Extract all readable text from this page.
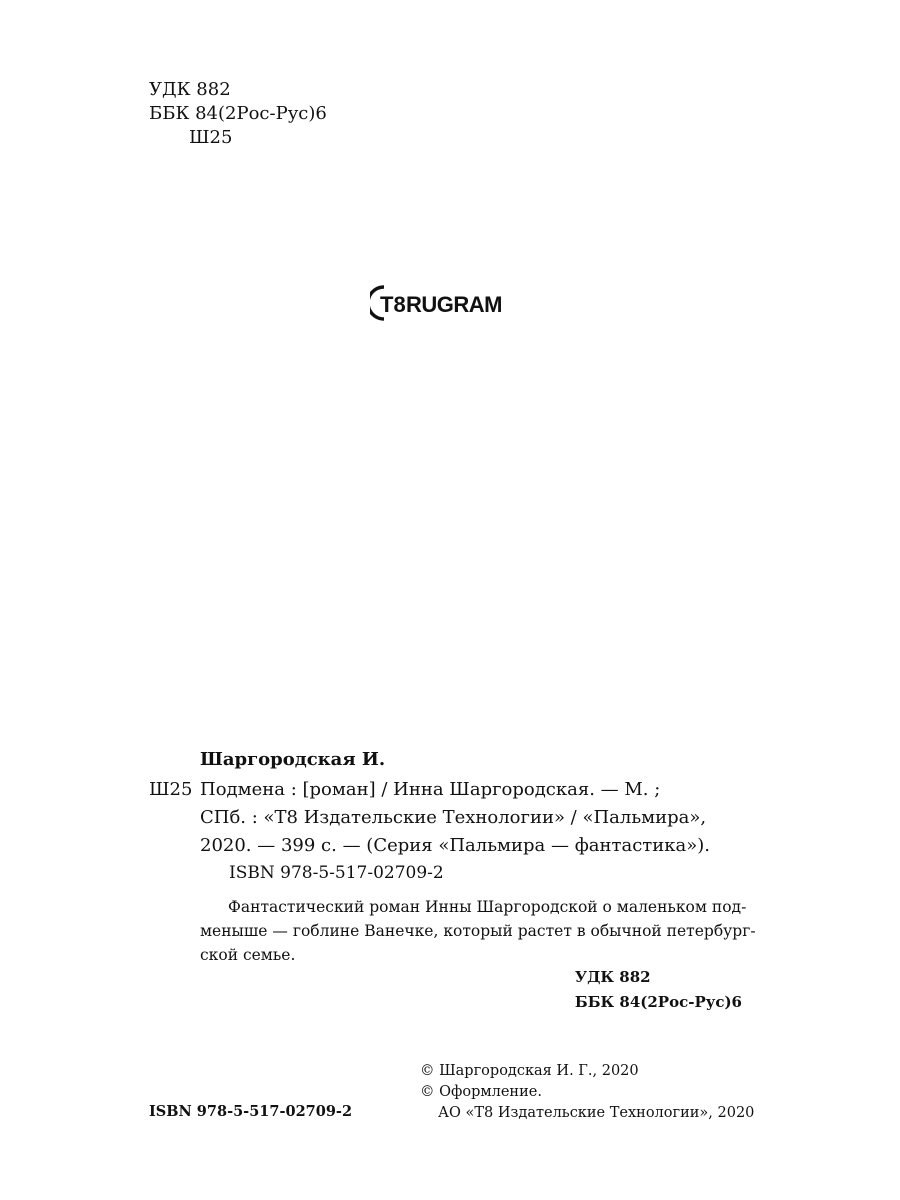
УДК 882
ББК 84(2Рос-Рус)6
Ш25
T8 RUGRAM
Шаргородская И.
Ш25 Подмена : [роман] / Инна Шаргородская. — М. ;
СПб. : «Т8 Издательские Технологии» / «Пальмира»,
2020. — 399 с. — (Серия «Пальмира — фантастика»).
ISBN 978-5-517-02709-2
Фантастический роман Инны Шаргородской о маленьком под-
меныше — гоблине Ванечке, который растет в обычной петербург-
ской семье.
УДК 882
ББК 84(2Рос-Рус)6
© Шаргородская И. Г., 2020
© Оформление.
АО «Т8 Издательские Технологии», 2020
ISBN 978-5-517-02709-2
